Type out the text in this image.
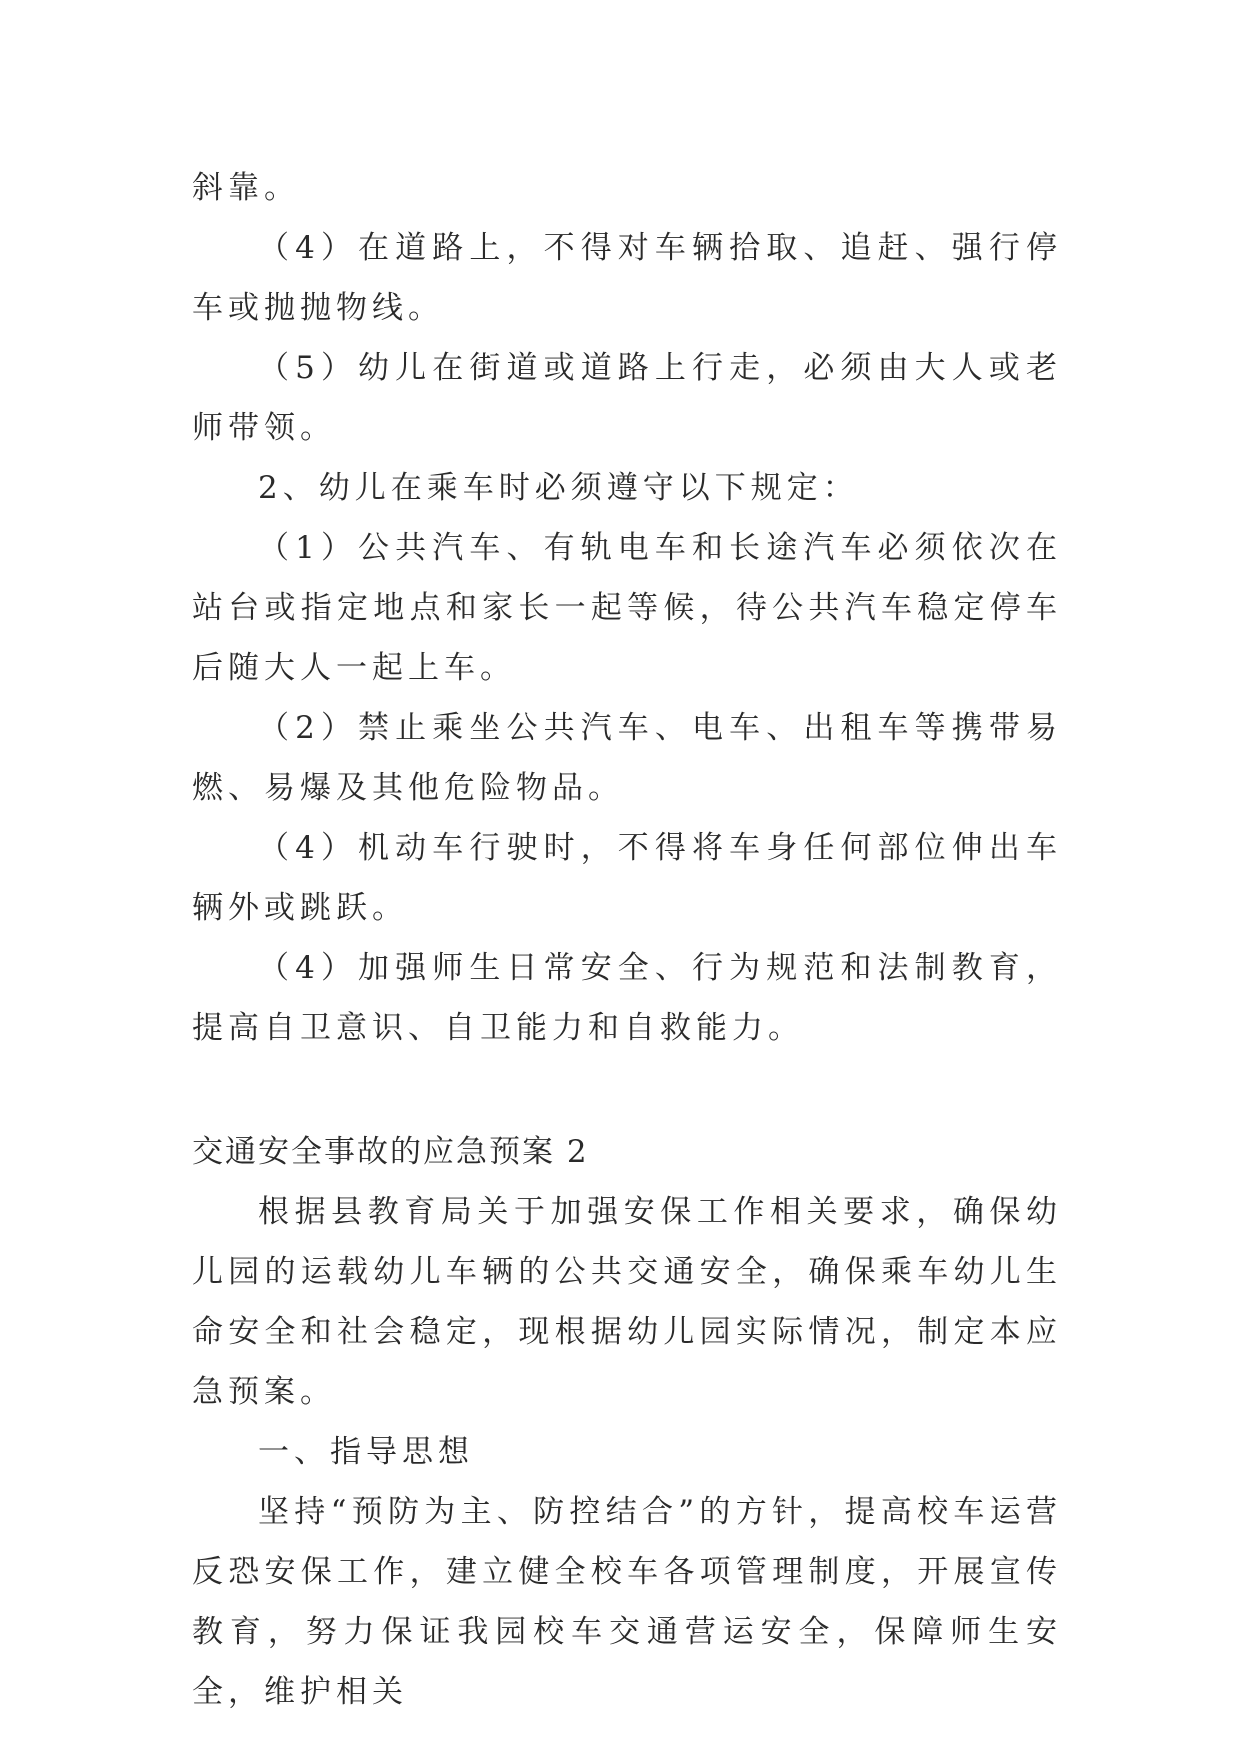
斜靠。

（4）在道路上，不得对车辆拾取、追赶、强行停车或抛抛物线。

（5）幼儿在街道或道路上行走，必须由大人或老师带领。

2、幼儿在乘车时必须遵守以下规定：

（1）公共汽车、有轨电车和长途汽车必须依次在站台或指定地点和家长一起等候，待公共汽车稳定停车后随大人一起上车。

（2）禁止乘坐公共汽车、电车、出租车等携带易燃、易爆及其他危险物品。

（4）机动车行驶时，不得将车身任何部位伸出车辆外或跳跃。

（4）加强师生日常安全、行为规范和法制教育，提高自卫意识、自卫能力和自救能力。

交通安全事故的应急预案 2

根据县教育局关于加强安保工作相关要求，确保幼儿园的运载幼儿车辆的公共交通安全，确保乘车幼儿生命安全和社会稳定，现根据幼儿园实际情况，制定本应急预案。

一、指导思想

坚持“预防为主、防控结合”的方针，提高校车运营反恐安保工作，建立健全校车各项管理制度，开展宣传教育，努力保证我园校车交通营运安全，保障师生安全，维护相关
